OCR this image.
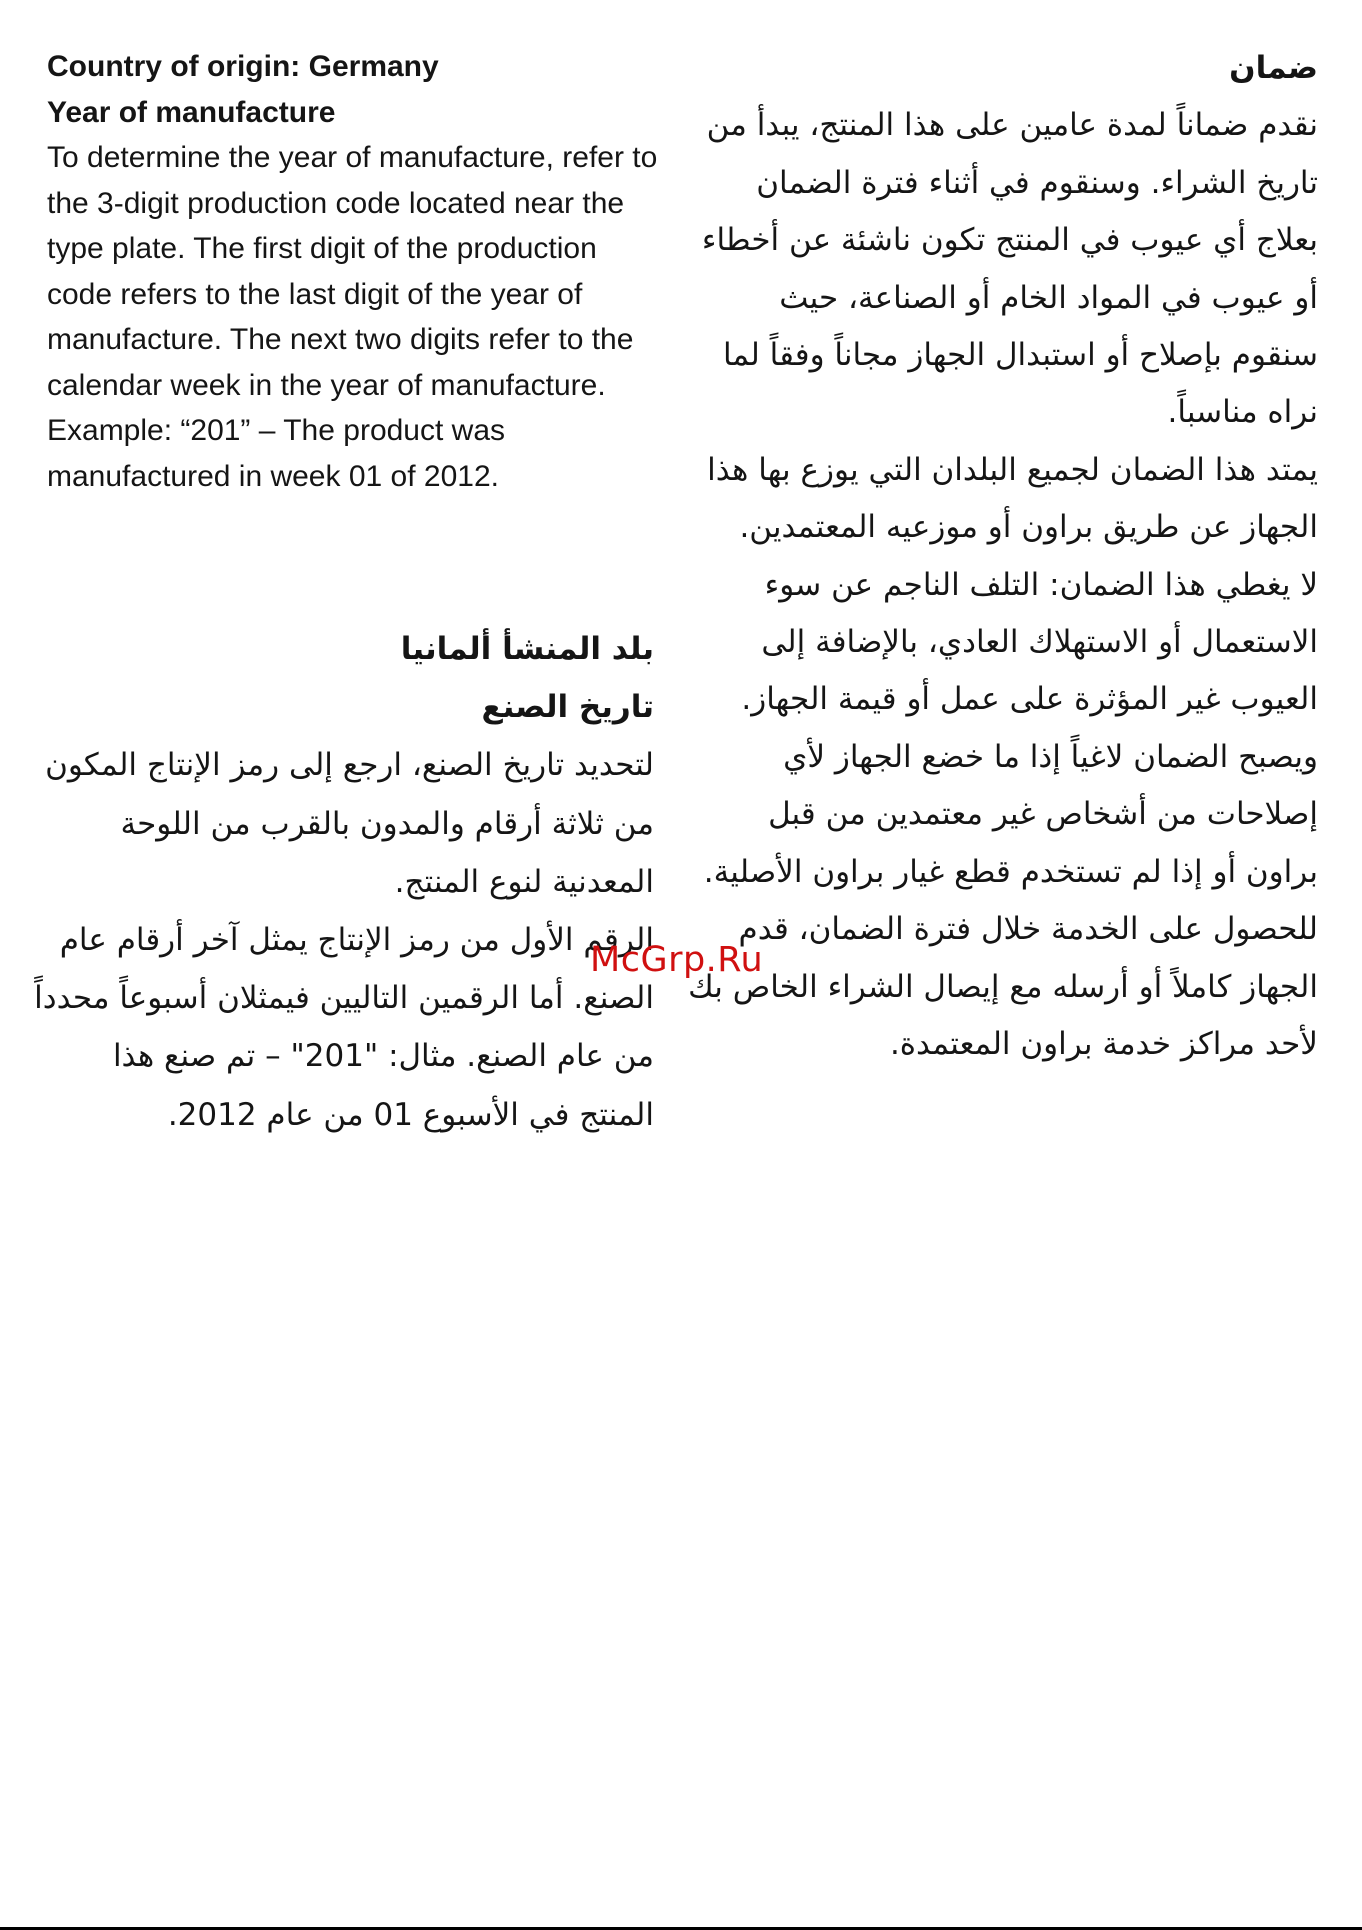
Country of origin: Germany

Year of manufacture

To determine the year of manufacture, refer to the 3-digit production code located near the type plate. The first digit of the production code refers to the last digit of the year of manufacture. The next two digits refer to the calendar week in the year of manufacture.

Example: “201” – The product was manufactured in week 01 of 2012.

ضمان

نقدم ضماناً لمدة عامين على هذا المنتج، يبدأ من تاريخ الشراء. وسنقوم في أثناء فترة الضمان بعلاج أي عيوب في المنتج تكون ناشئة عن أخطاء أو عيوب في المواد الخام أو الصناعة، حيث سنقوم بإصلاح أو استبدال الجهاز مجاناً وفقاً لما نراه مناسباً.

يمتد هذا الضمان لجميع البلدان التي يوزع بها هذا الجهاز عن طريق براون أو موزعيه المعتمدين.

لا يغطي هذا الضمان: التلف الناجم عن سوء الاستعمال أو الاستهلاك العادي، بالإضافة إلى العيوب غير المؤثرة على عمل أو قيمة الجهاز. ويصبح الضمان لاغياً إذا ما خضع الجهاز لأي إصلاحات من أشخاص غير معتمدين من قبل براون أو إذا لم تستخدم قطع غيار براون الأصلية.

للحصول على الخدمة خلال فترة الضمان، قدم الجهاز كاملاً أو أرسله مع إيصال الشراء الخاص بك لأحد مراكز خدمة براون المعتمدة.

بلد المنشأ ألمانيا

تاريخ الصنع

لتحديد تاريخ الصنع، ارجع إلى رمز الإنتاج المكون من ثلاثة أرقام والمدون بالقرب من اللوحة المعدنية لنوع المنتج.

الرقم الأول من رمز الإنتاج يمثل آخر أرقام عام الصنع. أما الرقمين التاليين فيمثلان أسبوعاً محدداً من عام الصنع. مثال: "201" – تم صنع هذا المنتج في الأسبوع 01 من عام 2012.

McGrp.Ru
